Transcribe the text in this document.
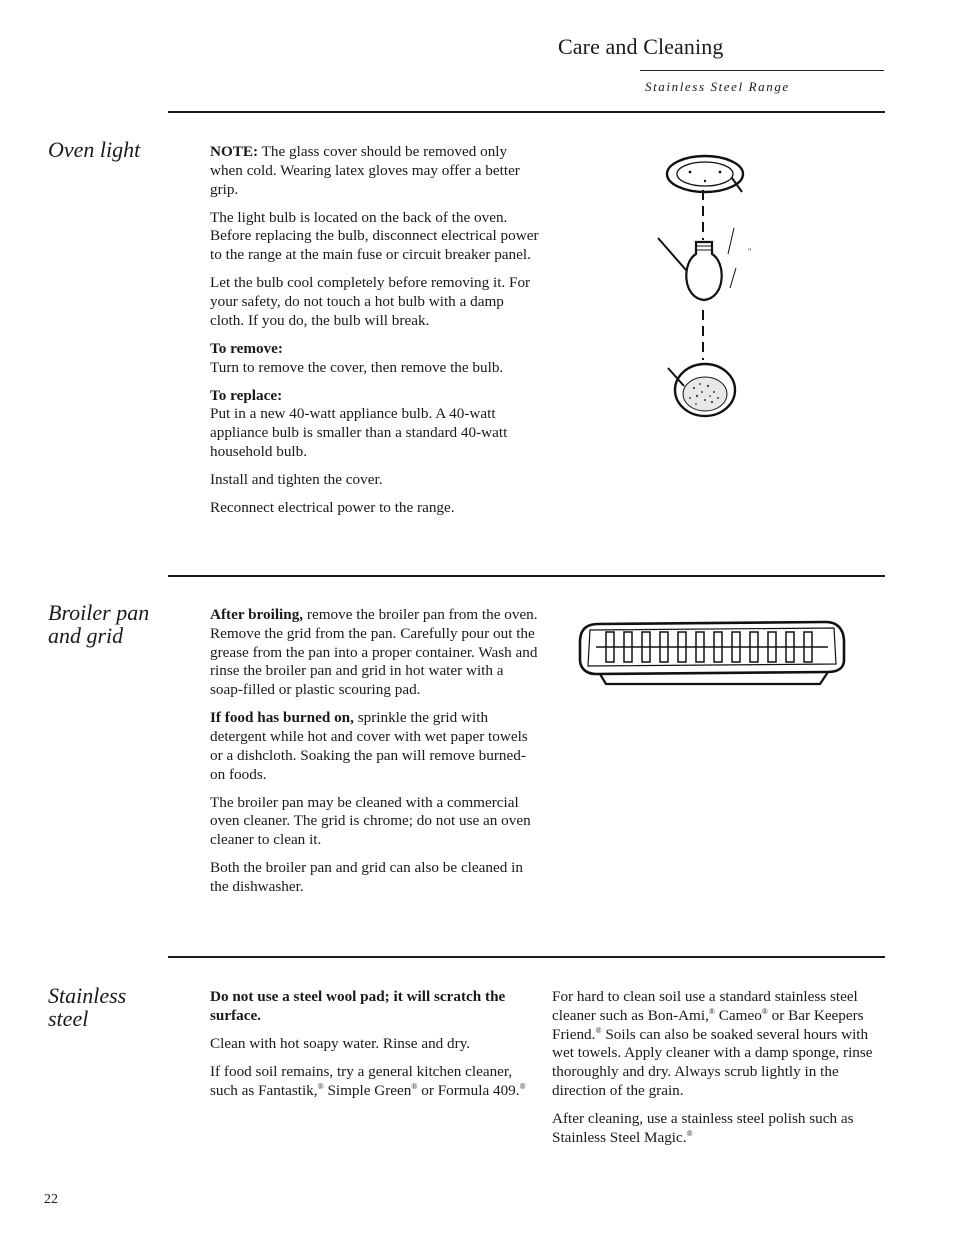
Care and Cleaning
Stainless Steel Range
Oven light	NOTE: The glass cover should be removed only when cold. Wearing latex gloves may offer a better grip.

The light bulb is located on the back of the oven. Before replacing the bulb, disconnect electrical power to the range at the main fuse or circuit breaker panel.

Let the bulb cool completely before removing it. For your safety, do not touch a hot bulb with a damp cloth. If you do, the bulb will break.

To remove:
Turn to remove the cover, then remove the bulb.

To replace:
Put in a new 40-watt appliance bulb. A 40-watt appliance bulb is smaller than a standard 40-watt household bulb.

Install and tighten the cover.

Reconnect electrical power to the range.

"
Broiler pan and grid

After broiling, remove the broiler pan from the oven. Remove the grid from the pan. Carefully pour out the grease from the pan into a proper container. Wash and rinse the broiler pan and grid in hot water with a soap-filled or plastic scouring pad.

If food has burned on, sprinkle the grid with detergent while hot and cover with wet paper towels or a dishcloth. Soaking the pan will remove burned-on foods.

The broiler pan may be cleaned with a commercial oven cleaner. The grid is chrome; do not use an oven cleaner to clean it.

Both the broiler pan and grid can also be cleaned in the dishwasher.

Stainless steel

Do not use a steel wool pad; it will scratch the surface.

Clean with hot soapy water. Rinse and dry.

If food soil remains, try a general kitchen cleaner, such as Fantastik,® Simple Green® or Formula 409.®

For hard to clean soil use a standard stainless steel cleaner such as Bon-Ami,® Cameo® or Bar Keepers Friend.® Soils can also be soaked several hours with wet towels. Apply cleaner with a damp sponge, rinse thoroughly and dry. Always scrub lightly in the direction of the grain.

After cleaning, use a stainless steel polish such as Stainless Steel Magic.®

22
